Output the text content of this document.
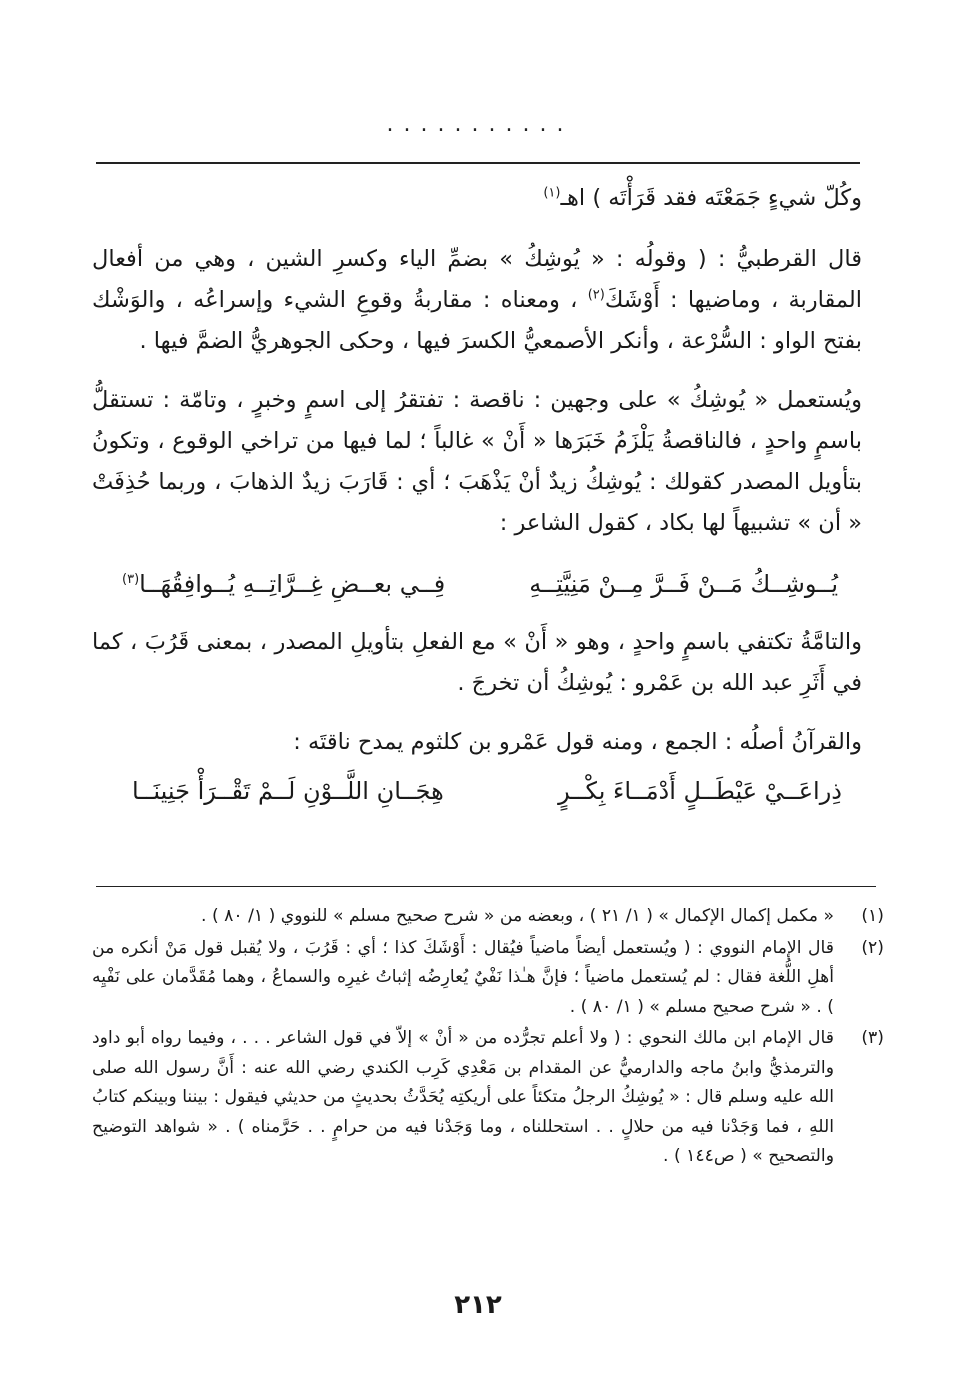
...........

وكُلّ شيءٍ جَمَعْتَه فقد قَرَأْتَه ) اهـ$^{(١)}$

قال القرطبيُّ : ( وقولُه : « يُوشِكُ » بضمِّ الياء وكسرِ الشين ، وهي من أفعال المقاربة ، وماضيها : أَوْشَكَ$^{(٢)}$ ، ومعناه : مقاربةُ وقوعِ الشيء وإسراعُه ، والوَشْك بفتح الواو : السُّرْعة ، وأنكر الأصمعيُّ الكسرَ فيها ، وحكى الجوهريُّ الضمَّ فيها .

ويُستعمل « يُوشِكُ » على وجهين : ناقصة : تفتقرُ إلى اسمٍ وخبرٍ ، وتامّة : تستقلُّ باسمٍ واحدٍ ، فالناقصةُ يَلْزَمُ خَبَرَها « أَنْ » غالباً ؛ لما فيها من تراخي الوقوع ، وتكونُ بتأويل المصدر كقولك : يُوشِكُ زيدٌ أنْ يَذْهَبَ ؛ أي : قَارَبَ زيدٌ الذهابَ ، وربما حُذِفَتْ « أن » تشبيهاً لها بكاد ، كقول الشاعر :

يُــوشِــكُ مَــنْ فَــرَّ مِــنْ مَنِيَّتِــهِ
فِــي بعــضِ غِــرَّاتِــهِ يُــوافِقُهَــا$^{(٣)}$

والتامَّةُ تكتفي باسمٍ واحدٍ ، وهو « أَنْ » مع الفعلِ بتأويلِ المصدر ، بمعنى قَرُبَ ، كما في أَثَرِ عبد الله بن عَمْرو : يُوشِكُ أن تخرجَ .

والقرآنُ أصلُه : الجمع ، ومنه قول عَمْرو بن كلثوم يمدح ناقتَه :

ذِراعَــيْ عَيْطَــلٍ أَدْمَــاءَ بِكْــرٍ
هِجَــانِ اللَّــوْنِ لَــمْ تَقْــرَأْ جَنِينَــا
(١)
« مكمل إكمال الإكمال » ( ١/ ٢١ ) ، وبعضه من « شرح صحيح مسلم » للنووي ( ١/ ٨٠ ) .
(٢)
قال الإمام النووي : ( ويُستعمل أيضاً ماضياً فيُقال : أَوْشَكَ كذا ؛ أي : قَرُبَ ، ولا يُقبل قول مَنْ أنكره من أهلِ اللُّغة فقال : لم يُستعمل ماضياً ؛ فإنَّ هـٰذا نَفْيٌ يُعارِضُه إثباتُ غيرِه والسماعُ ، وهما مُقَدَّمان على نَفْيِه ) . « شرح صحيح مسلم » ( ١/ ٨٠ ) .
(٣)
قال الإمام ابن مالك النحوي : ( ولا أعلم تجرُّده من « أنْ » إلاّ في قول الشاعر . . . ، وفيما رواه أبو داود والترمذيُّ وابنُ ماجه والدارميُّ عن المقدام بن مَعْدِي كَرِب الكندي رضي الله عنه : أَنَّ رسول الله صلى الله عليه وسلم قال : « يُوشِكُ الرجلُ متكئاً على أريكتِه يُحَدَّثُ بحديثٍ من حديثي فيقول : بيننا وبينكم كتابُ اللهِ ، فما وَجَدْنا فيه من حلالٍ . . استحللناه ، وما وَجَدْنا فيه من حرامٍ . . حَرَّمناه ) . « شواهد التوضيح والتصحيح » ( ص١٤٤ ) .
٢١٢
